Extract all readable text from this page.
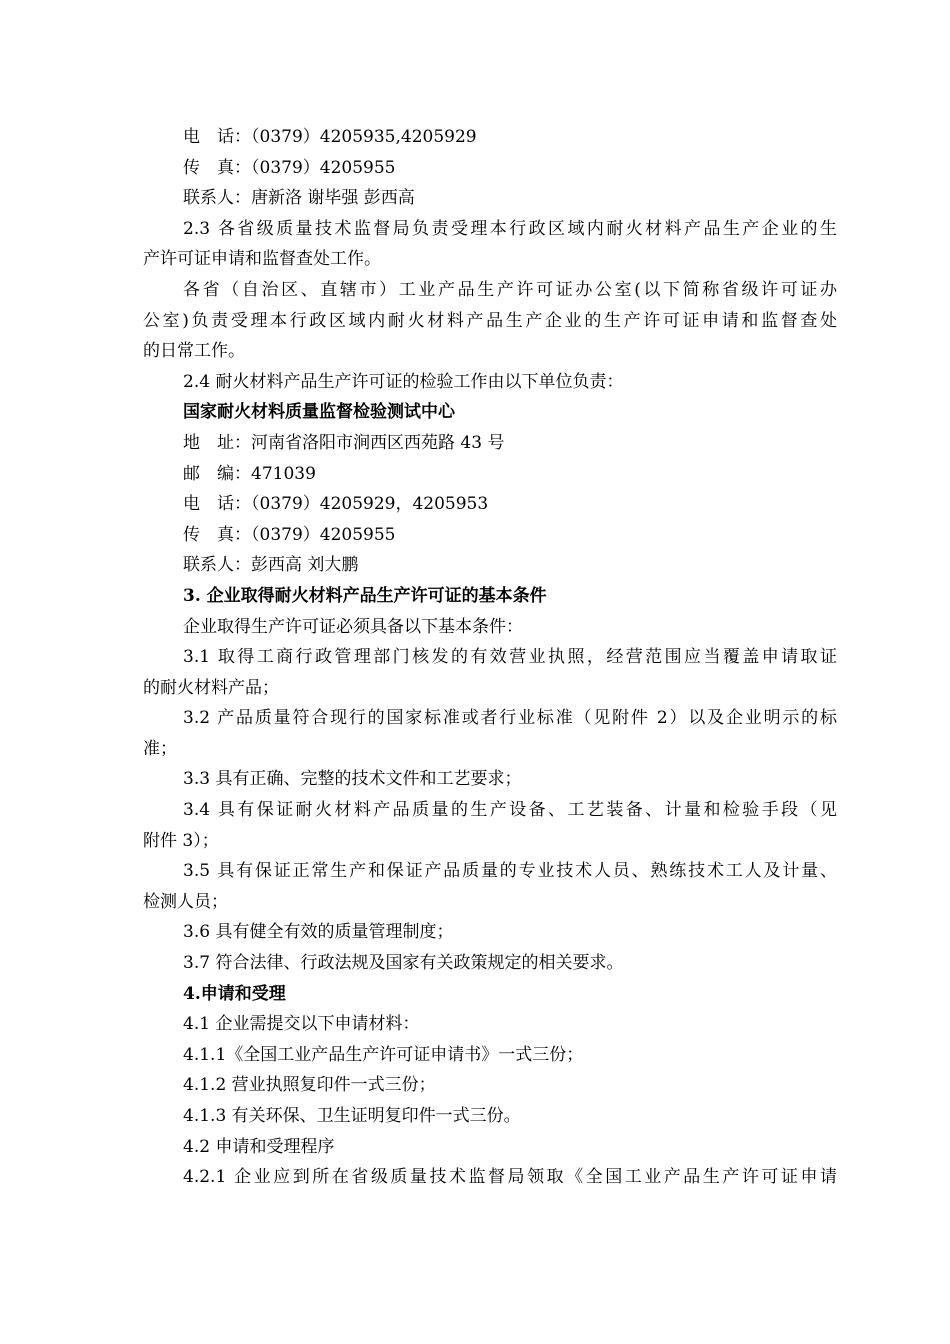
电　话：（0379）4205935,4205929
传　真：（0379）4205955
联系人：唐新洛 谢毕强 彭西高
2.3 各省级质量技术监督局负责受理本行政区域内耐火材料产品生产企业的生
产许可证申请和监督查处工作。
各省（自治区、直辖市）工业产品生产许可证办公室(以下简称省级许可证办
公室)负责受理本行政区域内耐火材料产品生产企业的生产许可证申请和监督查处
的日常工作。
2.4 耐火材料产品生产许可证的检验工作由以下单位负责：
国家耐火材料质量监督检验测试中心
地　址：河南省洛阳市涧西区西苑路 43 号
邮　编：471039
电　话：（0379）4205929，4205953
传　真：（0379）4205955
联系人：彭西高 刘大鹏
3. 企业取得耐火材料产品生产许可证的基本条件
企业取得生产许可证必须具备以下基本条件：
3.1 取得工商行政管理部门核发的有效营业执照，经营范围应当覆盖申请取证
的耐火材料产品；
3.2 产品质量符合现行的国家标准或者行业标准（见附件 2）以及企业明示的标
准；
3.3 具有正确、完整的技术文件和工艺要求；
3.4 具有保证耐火材料产品质量的生产设备、工艺装备、计量和检验手段（见
附件 3）；
3.5 具有保证正常生产和保证产品质量的专业技术人员、熟练技术工人及计量、
检测人员；
3.6 具有健全有效的质量管理制度；
3.7 符合法律、行政法规及国家有关政策规定的相关要求。
4.申请和受理
4.1 企业需提交以下申请材料：
4.1.1《全国工业产品生产许可证申请书》一式三份；
4.1.2 营业执照复印件一式三份；
4.1.3 有关环保、卫生证明复印件一式三份。
4.2 申请和受理程序
4.2.1 企业应到所在省级质量技术监督局领取《全国工业产品生产许可证申请
